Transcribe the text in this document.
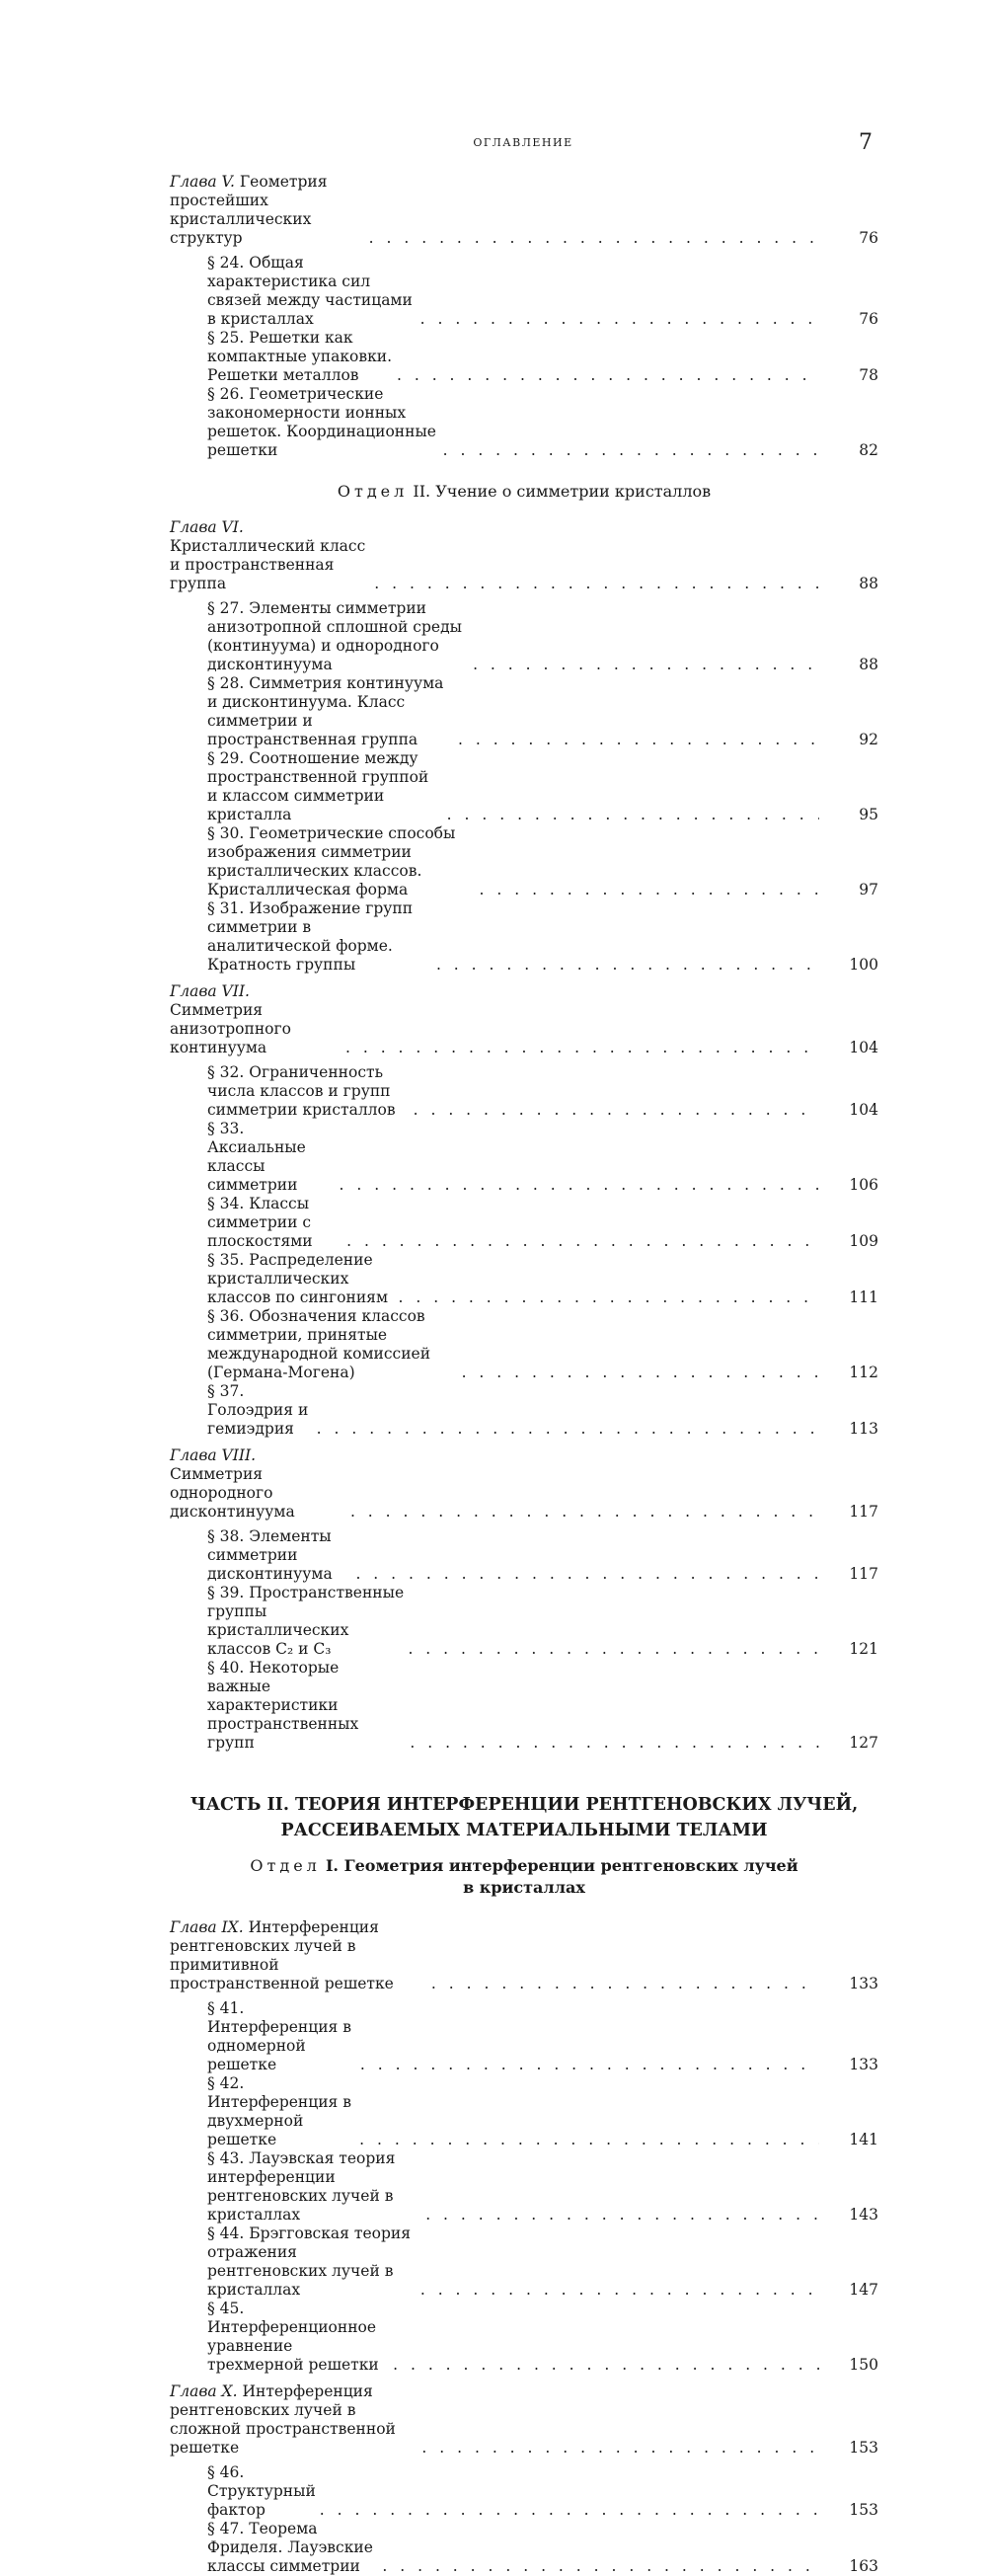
ОГЛАВЛЕНИЕ	7
Глава V. Геометрия простейших кристаллических структур . . .	76
§ 24. Общая характеристика сил связей между частицами в кристаллах . . .	76
§ 25. Решетки как компактные упаковки. Решетки металлов . . .	78
§ 26. Геометрические закономерности ионных решеток. Координационные решетки . . .	82
Отдел II. Учение о симметрии кристаллов
Глава VI. Кристаллический класс и пространственная группа . . .	88
§ 27. Элементы симметрии анизотропной сплошной среды (континуума) и однородного дисконтинуума . . .	88
§ 28. Симметрия континуума и дисконтинуума. Класс симметрии и пространственная группа . . .	92
§ 29. Соотношение между пространственной группой и классом симметрии кристалла . . .	95
§ 30. Геометрические способы изображения симметрии кристаллических классов. Кристаллическая форма . . .	97
§ 31. Изображение групп симметрии в аналитической форме. Кратность группы . . .	100
Глава VII. Симметрия анизотропного континуума . . .	104
§ 32. Ограниченность числа классов и групп симметрии кристаллов . . .	104
§ 33. Аксиальные классы симметрии . . .	106
§ 34. Классы симметрии с плоскостями . . .	109
§ 35. Распределение кристаллических классов по сингониям . . .	111
§ 36. Обозначения классов симметрии, принятые международной комиссией (Германа-Могена) . . .	112
§ 37. Голоэдрия и гемиэдрия . . .	113
Глава VIII. Симметрия однородного дисконтинуума . . .	117
§ 38. Элементы симметрии дисконтинуума . . .	117
§ 39. Пространственные группы кристаллических классов C₂ и C₃ . . .	121
§ 40. Некоторые важные характеристики пространственных групп . . .	127
ЧАСТЬ II. ТЕОРИЯ ИНТЕРФЕРЕНЦИИ РЕНТГЕНОВСКИХ ЛУЧЕЙ,
РАССЕИВАЕМЫХ МАТЕРИАЛЬНЫМИ ТЕЛАМИ
Отдел I. Геометрия интерференции рентгеновских лучей
в кристаллах
Глава IX. Интерференция рентгеновских лучей в примитивной пространственной решетке . . .	133
§ 41. Интерференция в одномерной решетке . . .	133
§ 42. Интерференция в двухмерной решетке . . .	141
§ 43. Лауэвская теория интерференции рентгеновских лучей в кристаллах . . .	143
§ 44. Брэгговская теория отражения рентгеновских лучей в кристаллах . . .	147
§ 45. Интерференционное уравнение трехмерной решетки . . .	150
Глава X. Интерференция рентгеновских лучей в сложной пространственной решетке . . .	153
§ 46. Структурный фактор . . .	153
§ 47. Теорема Фриделя. Лауэвские классы симметрии . . .	163
